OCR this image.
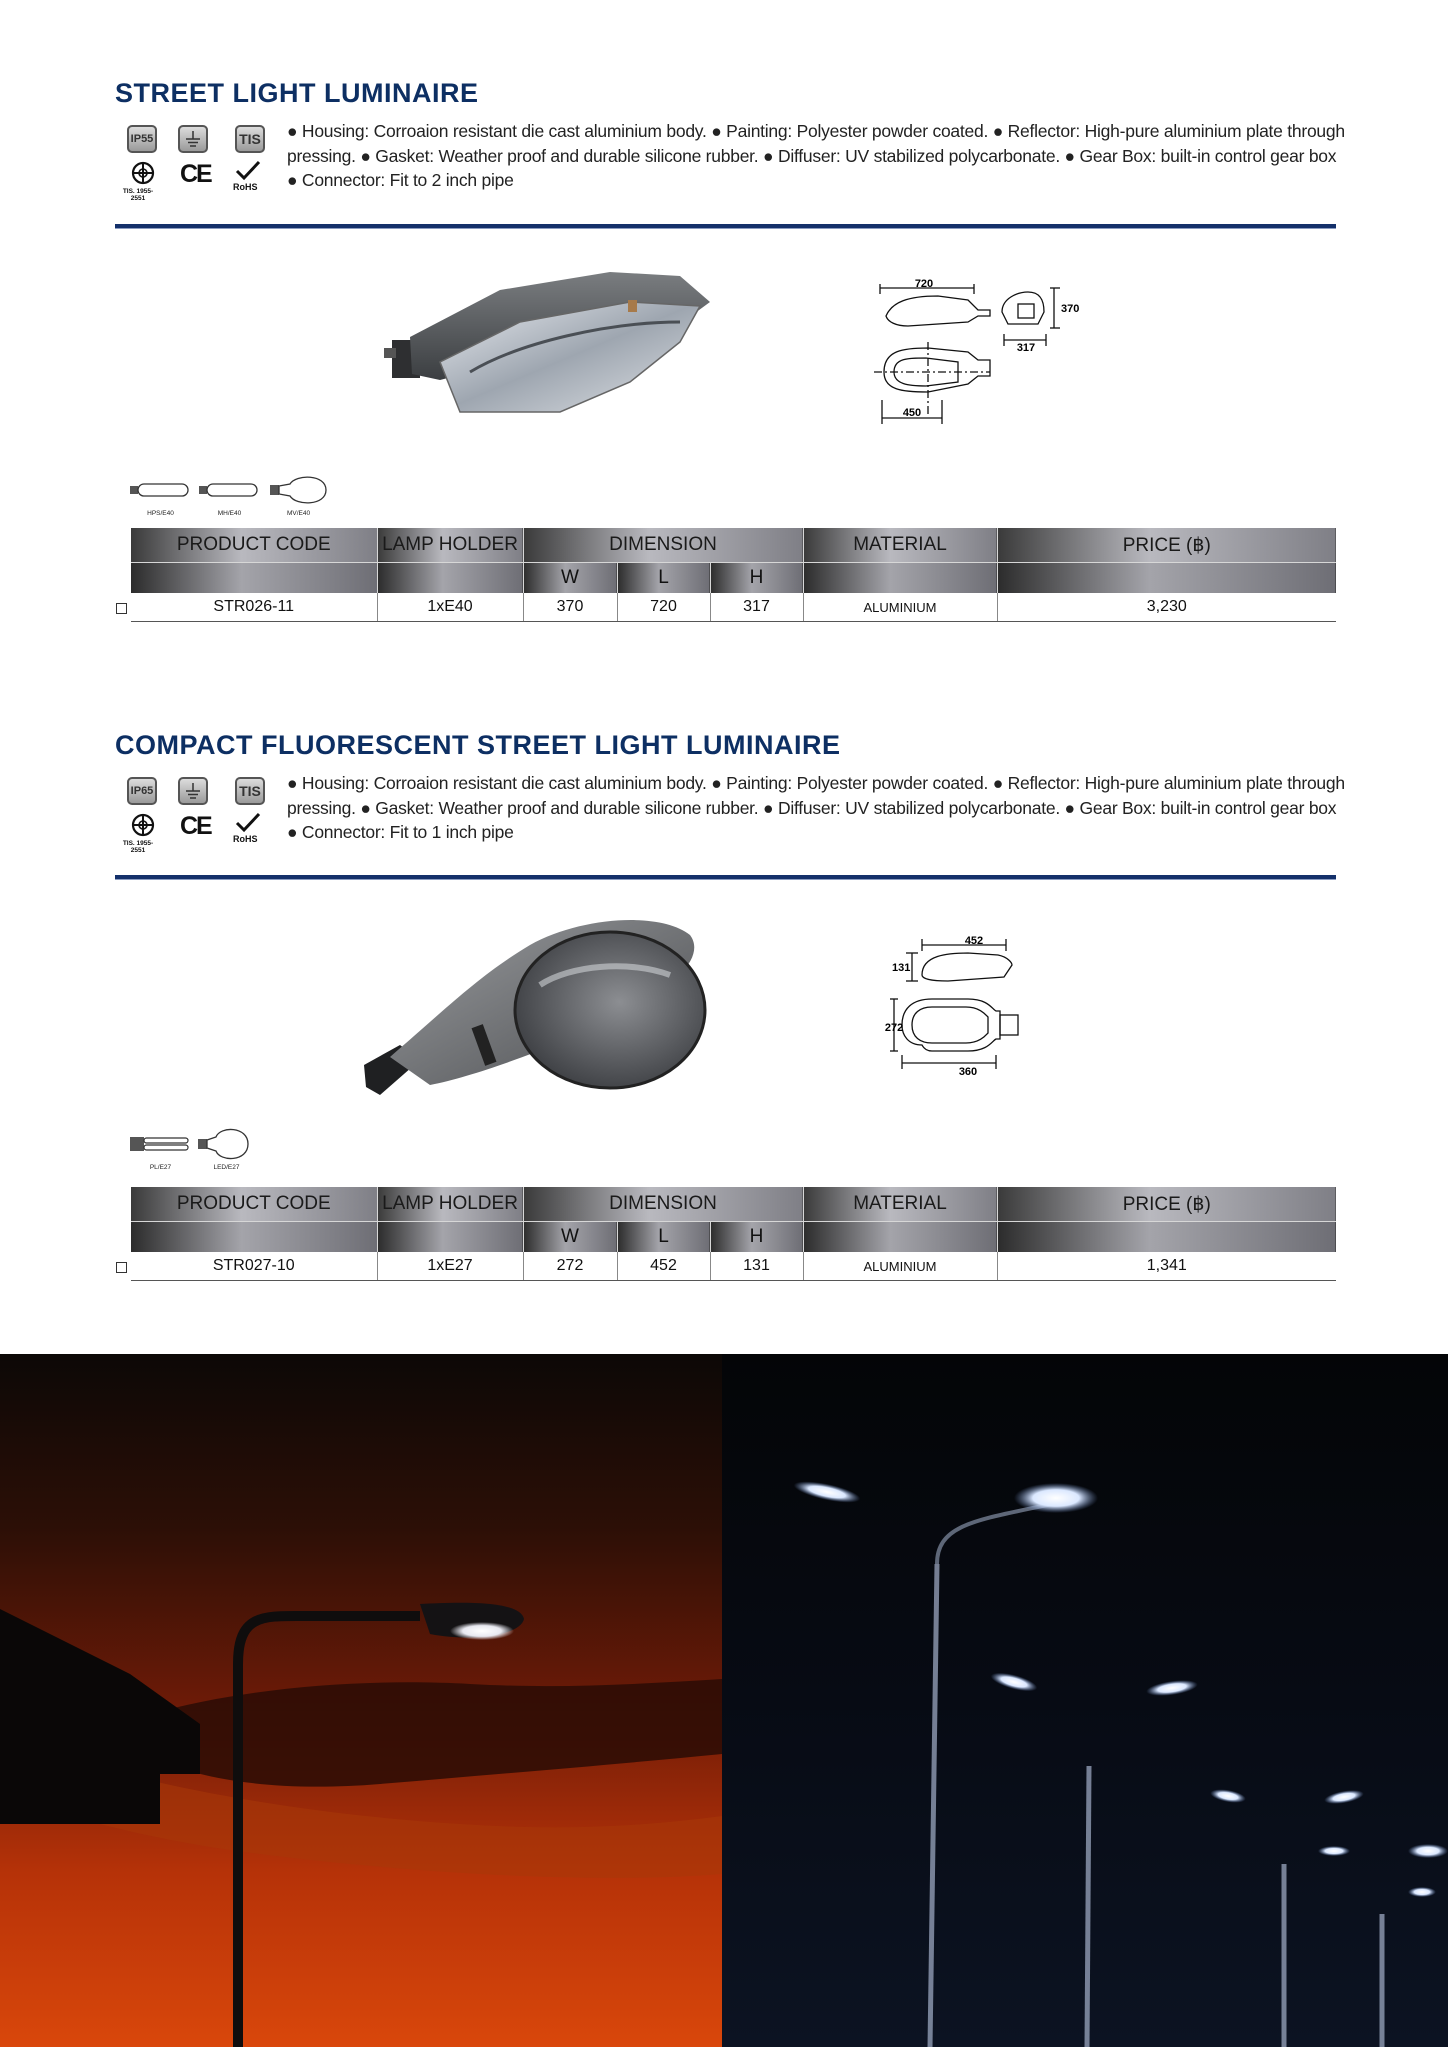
STREET LIGHT LUMINAIRE
IP55	TIS
TIS. 1955-2551
CE RoHS
● Housing: Corroaion resistant die cast aluminium body. ● Painting: Polyester powder coated. ● Reflector: High-pure aluminium plate through
pressing. ● Gasket: Weather proof and durable silicone rubber. ● Diffuser: UV stabilized polycarbonate. ● Gear Box: built-in control gear box
● Connector: Fit to 2 inch pipe
720
370
317
450
HPS/E40	MH/E40	MV/E40
PRODUCT CODE	LAMP HOLDER	DIMENSION			MATERIAL	PRICE (฿)
		W	L	H		
STR026-11	1xE40	370	720	317	ALUMINIUM	3,230
COMPACT FLUORESCENT STREET LIGHT LUMINAIRE
IP65	TIS
TIS. 1955-2551
CE RoHS
● Housing: Corroaion resistant die cast aluminium body. ● Painting: Polyester powder coated. ● Reflector: High-pure aluminium plate through
pressing. ● Gasket: Weather proof and durable silicone rubber. ● Diffuser: UV stabilized polycarbonate. ● Gear Box: built-in control gear box
● Connector: Fit to 1 inch pipe
452
131
272
360
PL/E27	LED/E27
PRODUCT CODE	LAMP HOLDER	DIMENSION			MATERIAL	PRICE (฿)
		W	L	H		
STR027-10	1xE27	272	452	131	ALUMINIUM	1,341
